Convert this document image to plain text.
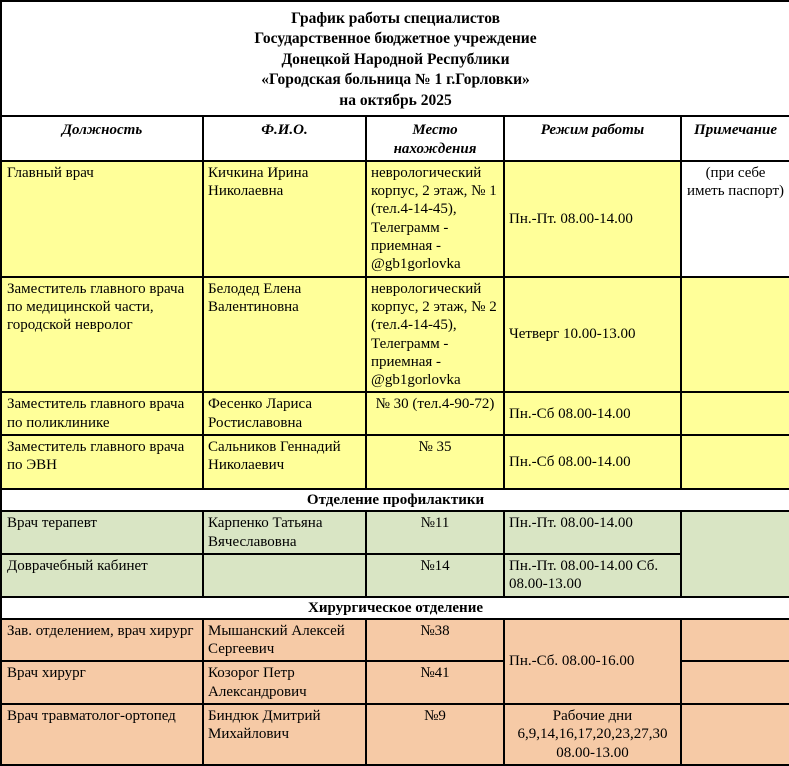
График работы специалистов
Государственное бюджетное учреждение
Донецкой Народной Республики
«Городская больница № 1 г.Горловки»
на октябрь 2025				

Должность	Ф.И.О.	Место нахождения	Режим работы	Примечание
Главный врач	Кичкина Ирина Николаевна	неврологический корпус, 2 этаж, № 1 (тел.4-14-45), Телеграмм - приемная - @gb1gorlovka	Пн.-Пт. 08.00-14.00	(при себе иметь паспорт)
Заместитель главного врача по медицинской части, городской невролог	Белодед Елена Валентиновна	неврологический корпус, 2 этаж, № 2 (тел.4-14-45), Телеграмм - приемная - @gb1gorlovka	Четверг 10.00-13.00	
Заместитель главного врача по поликлинике	Фесенко Лариса Ростиславовна	№ 30 (тел.4-90-72)	Пн.-Сб 08.00-14.00	
Заместитель главного врача по ЭВН	Сальников Геннадий Николаевич	№ 35	Пн.-Сб 08.00-14.00	
Отделение профилактики				
Врач терапевт	Карпенко Татьяна Вячеславовна	№11	Пн.-Пт. 08.00-14.00	
Доврачебный кабинет		№14	Пн.-Пт. 08.00-14.00 Сб. 08.00-13.00	
Хирургическое отделение				
Зав. отделением, врач хирург	Мышанский Алексей Сергеевич	№38	Пн.-Сб. 08.00-16.00	
Врач хирург	Козорог Петр Александрович	№41		
Врач травматолог-ортопед	Биндюк Дмитрий Михайлович	№9	Рабочие дни 6,9,14,16,17,20,23,27,30 08.00-13.00	
